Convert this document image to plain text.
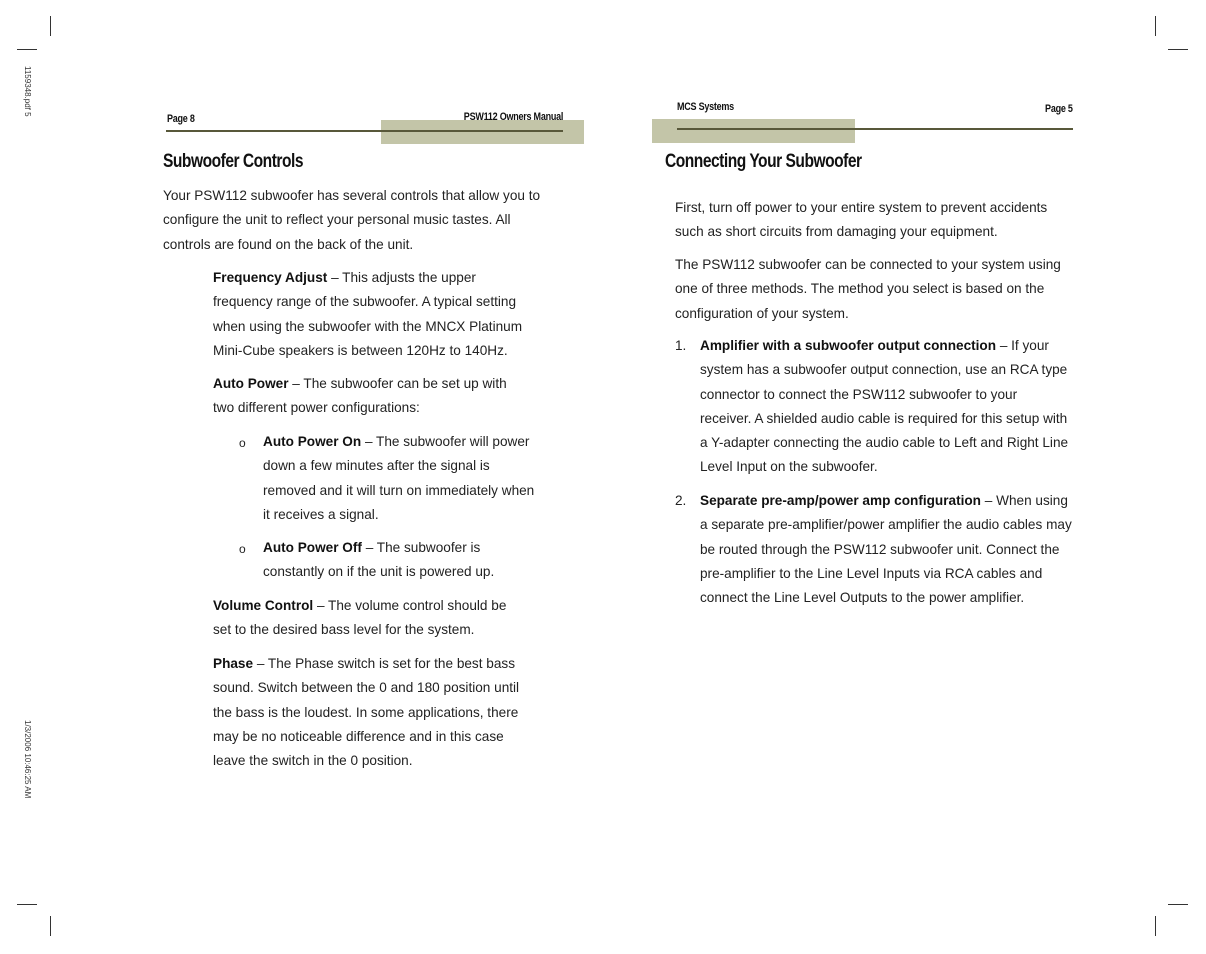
1159348.pdf 5
1/3/2006 10:46:25 AM
Page 8	PSW112 Owners Manual
Subwoofer Controls
Your PSW112 subwoofer has several controls that allow you to configure the unit to reflect your personal music tastes. All controls are found on the back of the unit.
Frequency Adjust – This adjusts the upper frequency range of the subwoofer. A typical setting when using the subwoofer with the MNCX Platinum Mini-Cube speakers is between 120Hz to 140Hz.
Auto Power – The subwoofer can be set up with two different power configurations:
o Auto Power On – The subwoofer will power down a few minutes after the signal is removed and it will turn on immediately when it receives a signal.
o Auto Power Off – The subwoofer is constantly on if the unit is powered up.
Volume Control – The volume control should be set to the desired bass level for the system.
Phase – The Phase switch is set for the best bass sound. Switch between the 0 and 180 position until the bass is the loudest. In some applications, there may be no noticeable difference and in this case leave the switch in the 0 position.
MCS Systems	Page 5
Connecting Your Subwoofer
First, turn off power to your entire system to prevent accidents such as short circuits from damaging your equipment.
The PSW112 subwoofer can be connected to your system using one of three methods. The method you select is based on the configuration of your system.
1. Amplifier with a subwoofer output connection – If your system has a subwoofer output connection, use an RCA type connector to connect the PSW112 subwoofer to your receiver. A shielded audio cable is required for this setup with a Y-adapter connecting the audio cable to Left and Right Line Level Input on the subwoofer.
2. Separate pre-amp/power amp configuration – When using a separate pre-amplifier/power amplifier the audio cables may be routed through the PSW112 subwoofer unit. Connect the pre-amplifier to the Line Level Inputs via RCA cables and connect the Line Level Outputs to the power amplifier.
